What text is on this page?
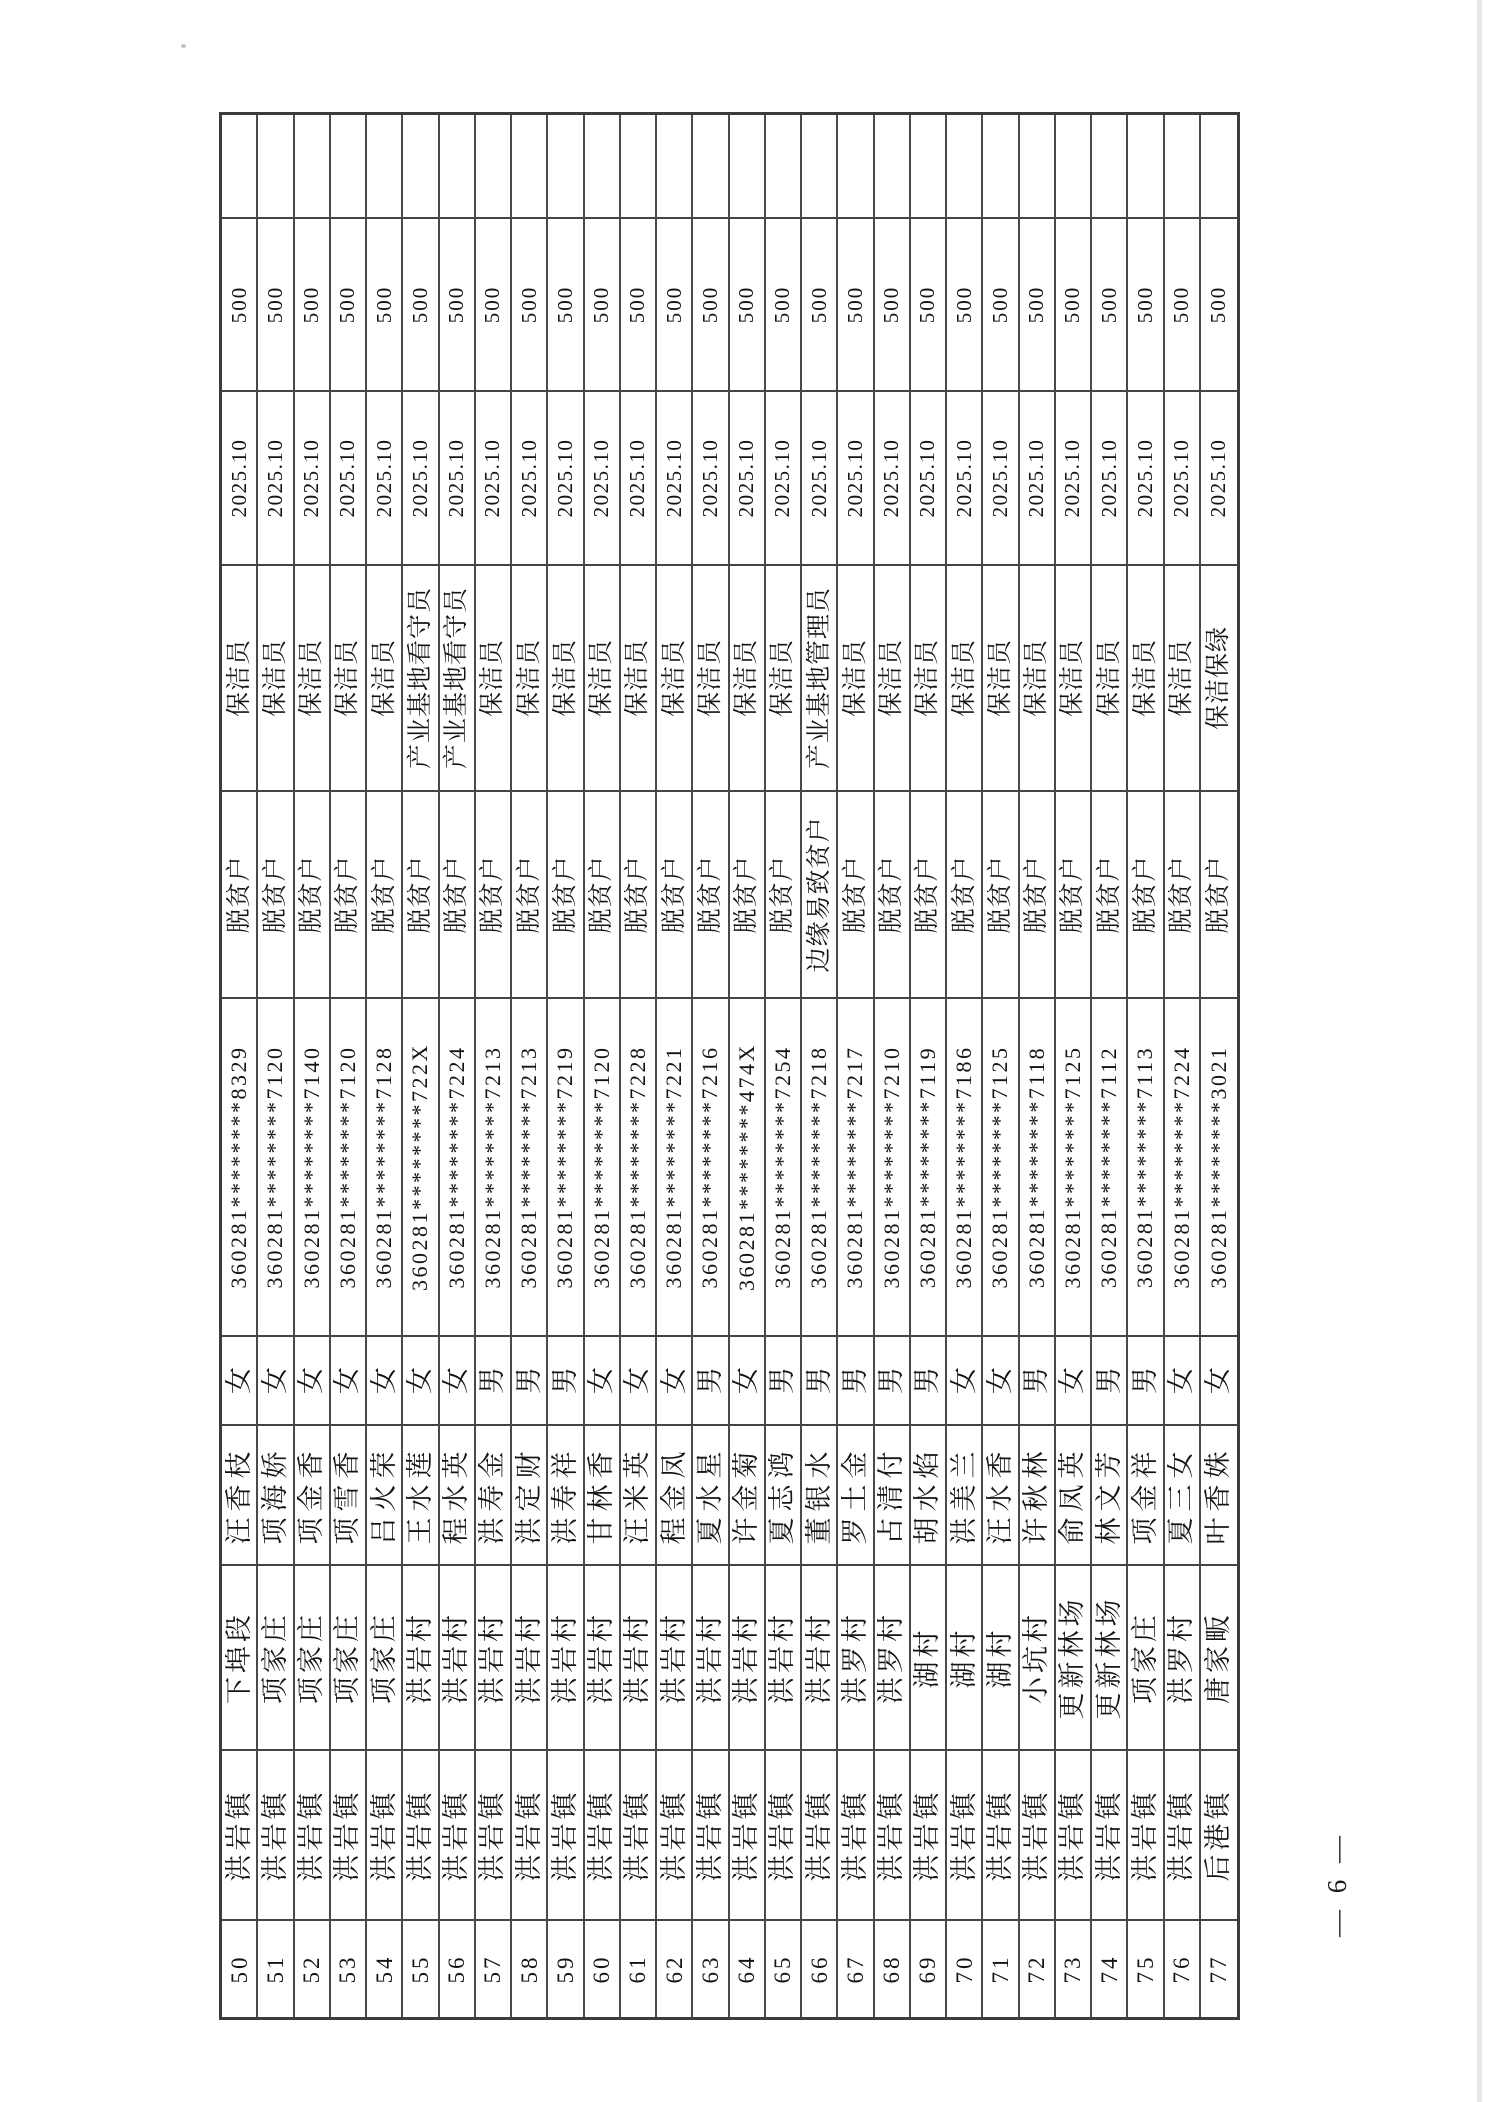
50
洪岩镇
下埠段
汪香枝
女
360281********8329
脱贫户
保洁员
2025.10
500
51
洪岩镇
项家庄
项海娇
女
360281********7120
脱贫户
保洁员
2025.10
500
52
洪岩镇
项家庄
项金香
女
360281********7140
脱贫户
保洁员
2025.10
500
53
洪岩镇
项家庄
项雪香
女
360281********7120
脱贫户
保洁员
2025.10
500
54
洪岩镇
项家庄
吕火荣
女
360281********7128
脱贫户
保洁员
2025.10
500
55
洪岩镇
洪岩村
王水莲
女
360281********722X
脱贫户
产业基地看守员
2025.10
500
56
洪岩镇
洪岩村
程水英
女
360281********7224
脱贫户
产业基地看守员
2025.10
500
57
洪岩镇
洪岩村
洪寿金
男
360281********7213
脱贫户
保洁员
2025.10
500
58
洪岩镇
洪岩村
洪定财
男
360281********7213
脱贫户
保洁员
2025.10
500
59
洪岩镇
洪岩村
洪寿祥
男
360281********7219
脱贫户
保洁员
2025.10
500
60
洪岩镇
洪岩村
甘林香
女
360281********7120
脱贫户
保洁员
2025.10
500
61
洪岩镇
洪岩村
汪米英
女
360281********7228
脱贫户
保洁员
2025.10
500
62
洪岩镇
洪岩村
程金凤
女
360281********7221
脱贫户
保洁员
2025.10
500
63
洪岩镇
洪岩村
夏水星
男
360281********7216
脱贫户
保洁员
2025.10
500
64
洪岩镇
洪岩村
许金菊
女
360281********474X
脱贫户
保洁员
2025.10
500
65
洪岩镇
洪岩村
夏志鸿
男
360281********7254
脱贫户
保洁员
2025.10
500
66
洪岩镇
洪岩村
董银水
男
360281********7218
边缘易致贫户
产业基地管理员
2025.10
500
67
洪岩镇
洪罗村
罗土金
男
360281********7217
脱贫户
保洁员
2025.10
500
68
洪岩镇
洪罗村
占清付
男
360281********7210
脱贫户
保洁员
2025.10
500
69
洪岩镇
湖村
胡水焰
男
360281********7119
脱贫户
保洁员
2025.10
500
70
洪岩镇
湖村
洪美兰
女
360281********7186
脱贫户
保洁员
2025.10
500
71
洪岩镇
湖村
汪水香
女
360281********7125
脱贫户
保洁员
2025.10
500
72
洪岩镇
小坑村
许秋林
男
360281********7118
脱贫户
保洁员
2025.10
500
73
洪岩镇
更新林场
俞凤英
女
360281********7125
脱贫户
保洁员
2025.10
500
74
洪岩镇
更新林场
林文芳
男
360281********7112
脱贫户
保洁员
2025.10
500
75
洪岩镇
项家庄
项金祥
男
360281********7113
脱贫户
保洁员
2025.10
500
76
洪岩镇
洪罗村
夏三女
女
360281********7224
脱贫户
保洁员
2025.10
500
77
后港镇
唐家畈
叶香姝
女
360281********3021
脱贫户
保洁保绿
2025.10
500
— 6 —
